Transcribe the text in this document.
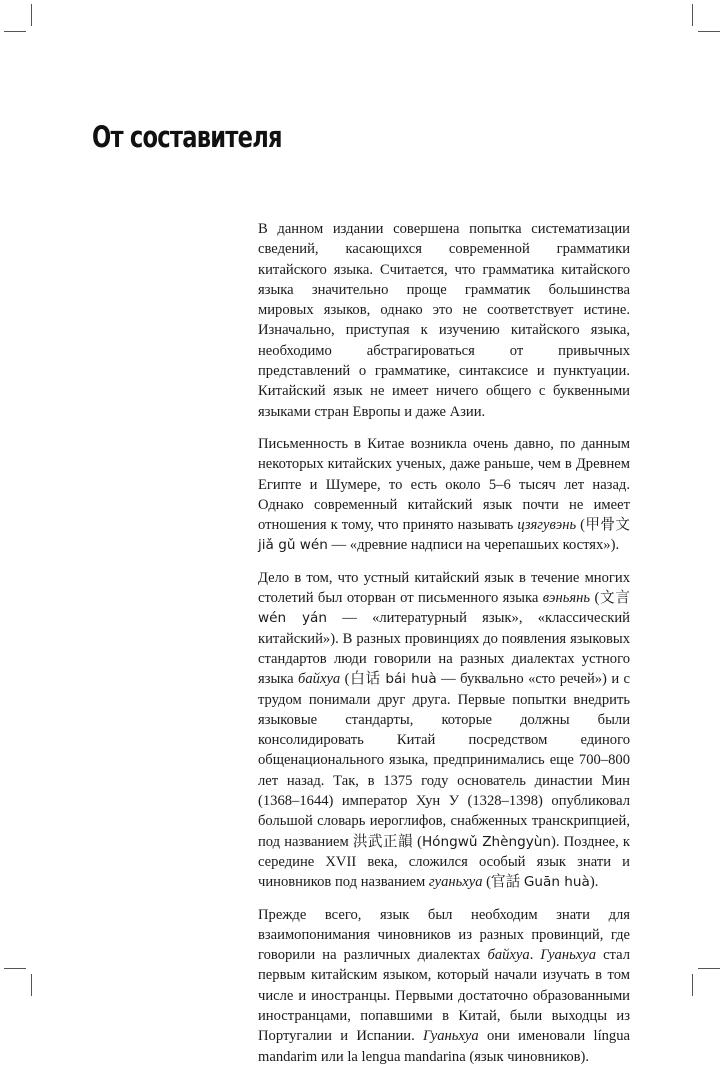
От составителя

В данном издании совершена попытка систематизации сведений, касающихся современной грамматики китайского языка. Считается, что грамматика китайского языка значительно проще грамматик большинства мировых языков, однако это не соответствует истине. Изначально, приступая к изучению китайского языка, необходимо абстрагироваться от привычных представлений о грамматике, синтаксисе и пунктуации. Китайский язык не имеет ничего общего с буквенными языками стран Европы и даже Азии.

Письменность в Китае возникла очень давно, по данным некоторых китайских ученых, даже раньше, чем в Древнем Египте и Шумере, то есть около 5–6 тысяч лет назад. Однако современный китайский язык почти не имеет отношения к тому, что принято называть цзягувэнь (甲骨文 jiǎ gǔ wén — «древние надписи на черепашьих костях»).

Дело в том, что устный китайский язык в течение многих столетий был оторван от письменного языка вэньянь (文言 wén yán — «литературный язык», «классический китайский»). В разных провинциях до появления языковых стандартов люди говорили на разных диалектах устного языка байхуа (白话 bái huà — буквально «сто речей») и с трудом понимали друг друга. Первые попытки внедрить языковые стандарты, которые должны были консолидировать Китай посредством единого общенационального языка, предпринимались еще 700–800 лет назад. Так, в 1375 году основатель династии Мин (1368–1644) император Хун У (1328–1398) опубликовал большой словарь иероглифов, снабженных транскрипцией, под названием 洪武正韻 (Hóngwǔ Zhèngyùn). Позднее, к середине XVII века, сложился особый язык знати и чиновников под названием гуаньхуа (官話 Guān huà).

Прежде всего, язык был необходим знати для взаимопонимания чиновников из разных провинций, где говорили на различных диалектах байхуа. Гуаньхуа стал первым китайским языком, который начали изучать в том числе и иностранцы. Первыми достаточно образованными иностранцами, попавшими в Китай, были выходцы из Португалии и Испании. Гуаньхуа они именовали língua mandarim или la lengua mandarina (язык чиновников).
